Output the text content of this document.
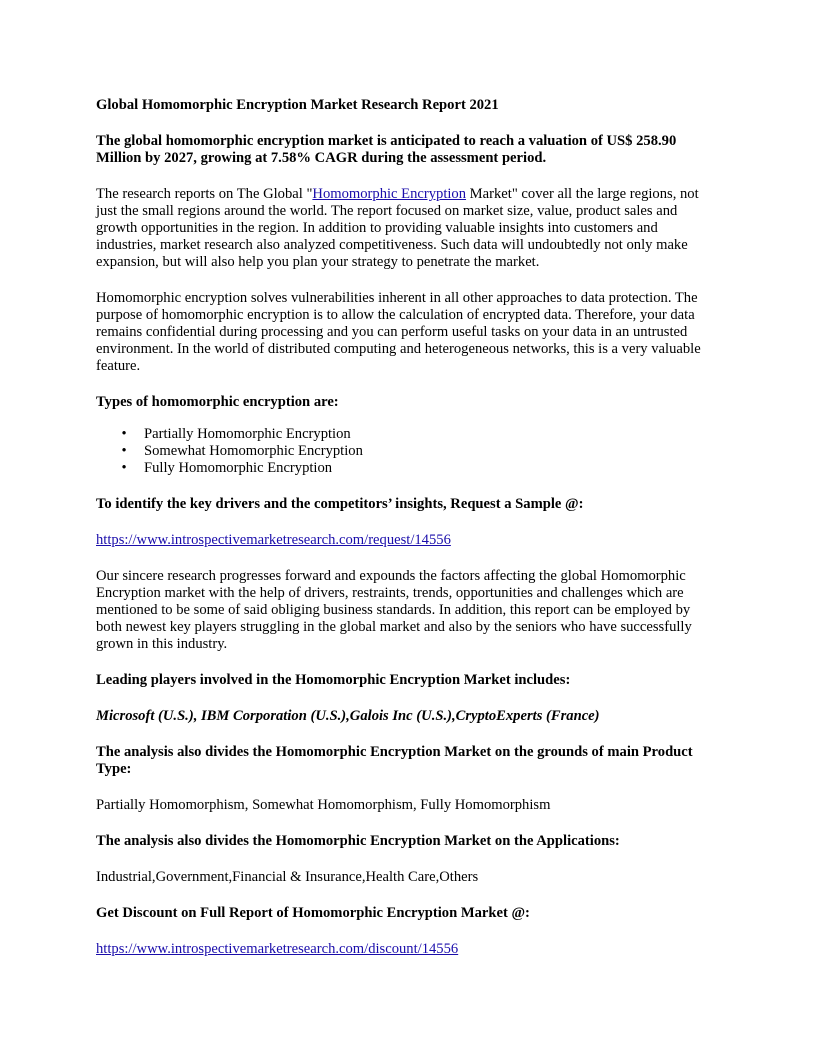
Global Homomorphic Encryption Market Research Report 2021

The global homomorphic encryption market is anticipated to reach a valuation of US$ 258.90 Million by 2027, growing at 7.58% CAGR during the assessment period.

The research reports on The Global "Homomorphic Encryption Market" cover all the large regions, not just the small regions around the world. The report focused on market size, value, product sales and growth opportunities in the region. In addition to providing valuable insights into customers and industries, market research also analyzed competitiveness. Such data will undoubtedly not only make expansion, but will also help you plan your strategy to penetrate the market.

Homomorphic encryption solves vulnerabilities inherent in all other approaches to data protection. The purpose of homomorphic encryption is to allow the calculation of encrypted data. Therefore, your data remains confidential during processing and you can perform useful tasks on your data in an untrusted environment. In the world of distributed computing and heterogeneous networks, this is a very valuable feature.

Types of homomorphic encryption are:

• Partially Homomorphic Encryption
• Somewhat Homomorphic Encryption
• Fully Homomorphic Encryption

To identify the key drivers and the competitors’ insights, Request a Sample @:

https://www.introspectivemarketresearch.com/request/14556

Our sincere research progresses forward and expounds the factors affecting the global Homomorphic Encryption market with the help of drivers, restraints, trends, opportunities and challenges which are mentioned to be some of said obliging business standards. In addition, this report can be employed by both newest key players struggling in the global market and also by the seniors who have successfully grown in this industry.

Leading players involved in the Homomorphic Encryption Market includes:

Microsoft (U.S.), IBM Corporation (U.S.),Galois Inc (U.S.),CryptoExperts (France)

The analysis also divides the Homomorphic Encryption Market on the grounds of main Product Type:

Partially Homomorphism, Somewhat Homomorphism, Fully Homomorphism

The analysis also divides the Homomorphic Encryption Market on the Applications:

Industrial,Government,Financial & Insurance,Health Care,Others

Get Discount on Full Report of Homomorphic Encryption Market @:

https://www.introspectivemarketresearch.com/discount/14556
